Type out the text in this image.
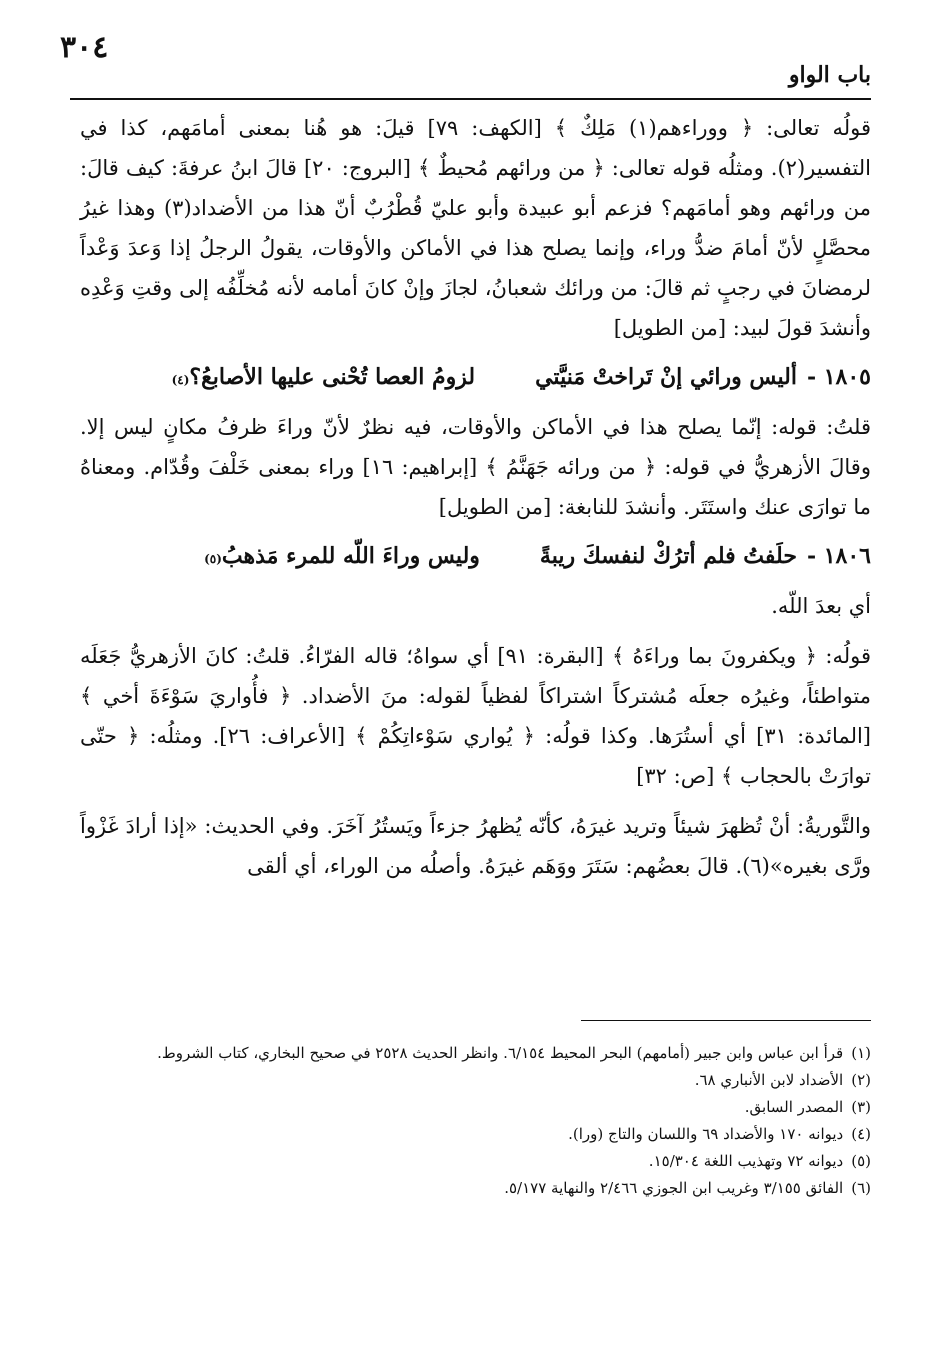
٣٠٤
باب الواو

قولُه تعالى: ﴿ ووراءهم(١) مَلِكٌ ﴾ [الكهف: ٧٩] قيلَ: هو هُنا بمعنى أمامَهم، كذا في التفسير(٢). ومثلُه قوله تعالى: ﴿ من ورائهم مُحيطٌ ﴾ [البروج: ٢٠] قالَ ابنُ عرفةَ: كيف قالَ: من ورائهم وهو أمامَهم؟ فزعم أبو عبيدة وأبو عليّ قُطْرُبٌ أنّ هذا من الأضداد(٣) وهذا غيرُ محصَّلٍ لأنّ أمامَ ضدُّ وراء، وإنما يصلح هذا في الأماكن والأوقات، يقولُ الرجلُ إذا وَعدَ وَعْداً لرمضانَ في رجبٍ ثم قالَ: من ورائك شعبانُ، لجازَ وإنْ كانَ أمامه لأنه مُخلِّفُه إلى وقتِ وَعْدِه وأنشدَ قولَ لبيد: [من الطويل]

١٨٠٥ -
أليس ورائي إنْ تَراختْ مَنيَّتي
لزومُ العصا تُحْنى عليها الأصابعُ؟
(٤)

قلتُ: قوله: إنّما يصلح هذا في الأماكن والأوقات، فيه نظرٌ لأنّ وراءَ ظرفُ مكانٍ ليس إلا. وقالَ الأزهريُّ في قوله: ﴿ من ورائه جَهَنَّمُ ﴾ [إبراهيم: ١٦] وراء بمعنى خَلْفَ وقُدّام. ومعناهُ ما توارَى عنك واستَتَر. وأنشدَ للنابغة: [من الطويل]

١٨٠٦ -
حلَفتُ فلم أترُكْ لنفسكَ ريبةً
وليس وراءَ اللّه للمرء مَذهبُ
(٥)

أي بعدَ اللّه.

قولُه: ﴿ ويكفرونَ بما وراءَهُ ﴾ [البقرة: ٩١] أي سواهُ؛ قاله الفرّاءُ. قلتُ: كانَ الأزهريُّ جَعَلَه متواطئاً، وغيرُه جعلَه مُشتركاً اشتراكاً لفظياً لقوله: منَ الأضداد. ﴿ فأُواريَ سَوْءَةَ أخي ﴾ [المائدة: ٣١] أي أستُرَها. وكذا قولُه: ﴿ يُواري سَوْءاتِكُمْ ﴾ [الأعراف: ٢٦]. ومثلُه: ﴿ حتّى توارَتْ بالحجاب ﴾ [ص: ٣٢]

والتَّوريةُ: أنْ تُظهرَ شيئاً وتريد غيرَهُ، كأنّه يُظهرُ جزءاً ويَستُرُ آخَرَ. وفي الحديث: «إذا أرادَ غَزْواً ورَّى بغيره»(٦). قالَ بعضُهم: سَتَرَ ووَهَم غيرَهُ. وأصلُه من الوراء، أي ألقى

(١)قرأ ابن عباس وابن جبير (أمامهم) البحر المحيط ٦/١٥٤. وانظر الحديث ٢٥٢٨ في صحيح البخاري، كتاب الشروط.

(٢)الأضداد لابن الأنباري ٦٨.

(٣)المصدر السابق.

(٤)ديوانه ١٧٠ والأضداد ٦٩ واللسان والتاج (ورا).

(٥)ديوانه ٧٢ وتهذيب اللغة ١٥/٣٠٤.

(٦)الفائق ٣/١٥٥ وغريب ابن الجوزي ٢/٤٦٦ والنهاية ٥/١٧٧.
